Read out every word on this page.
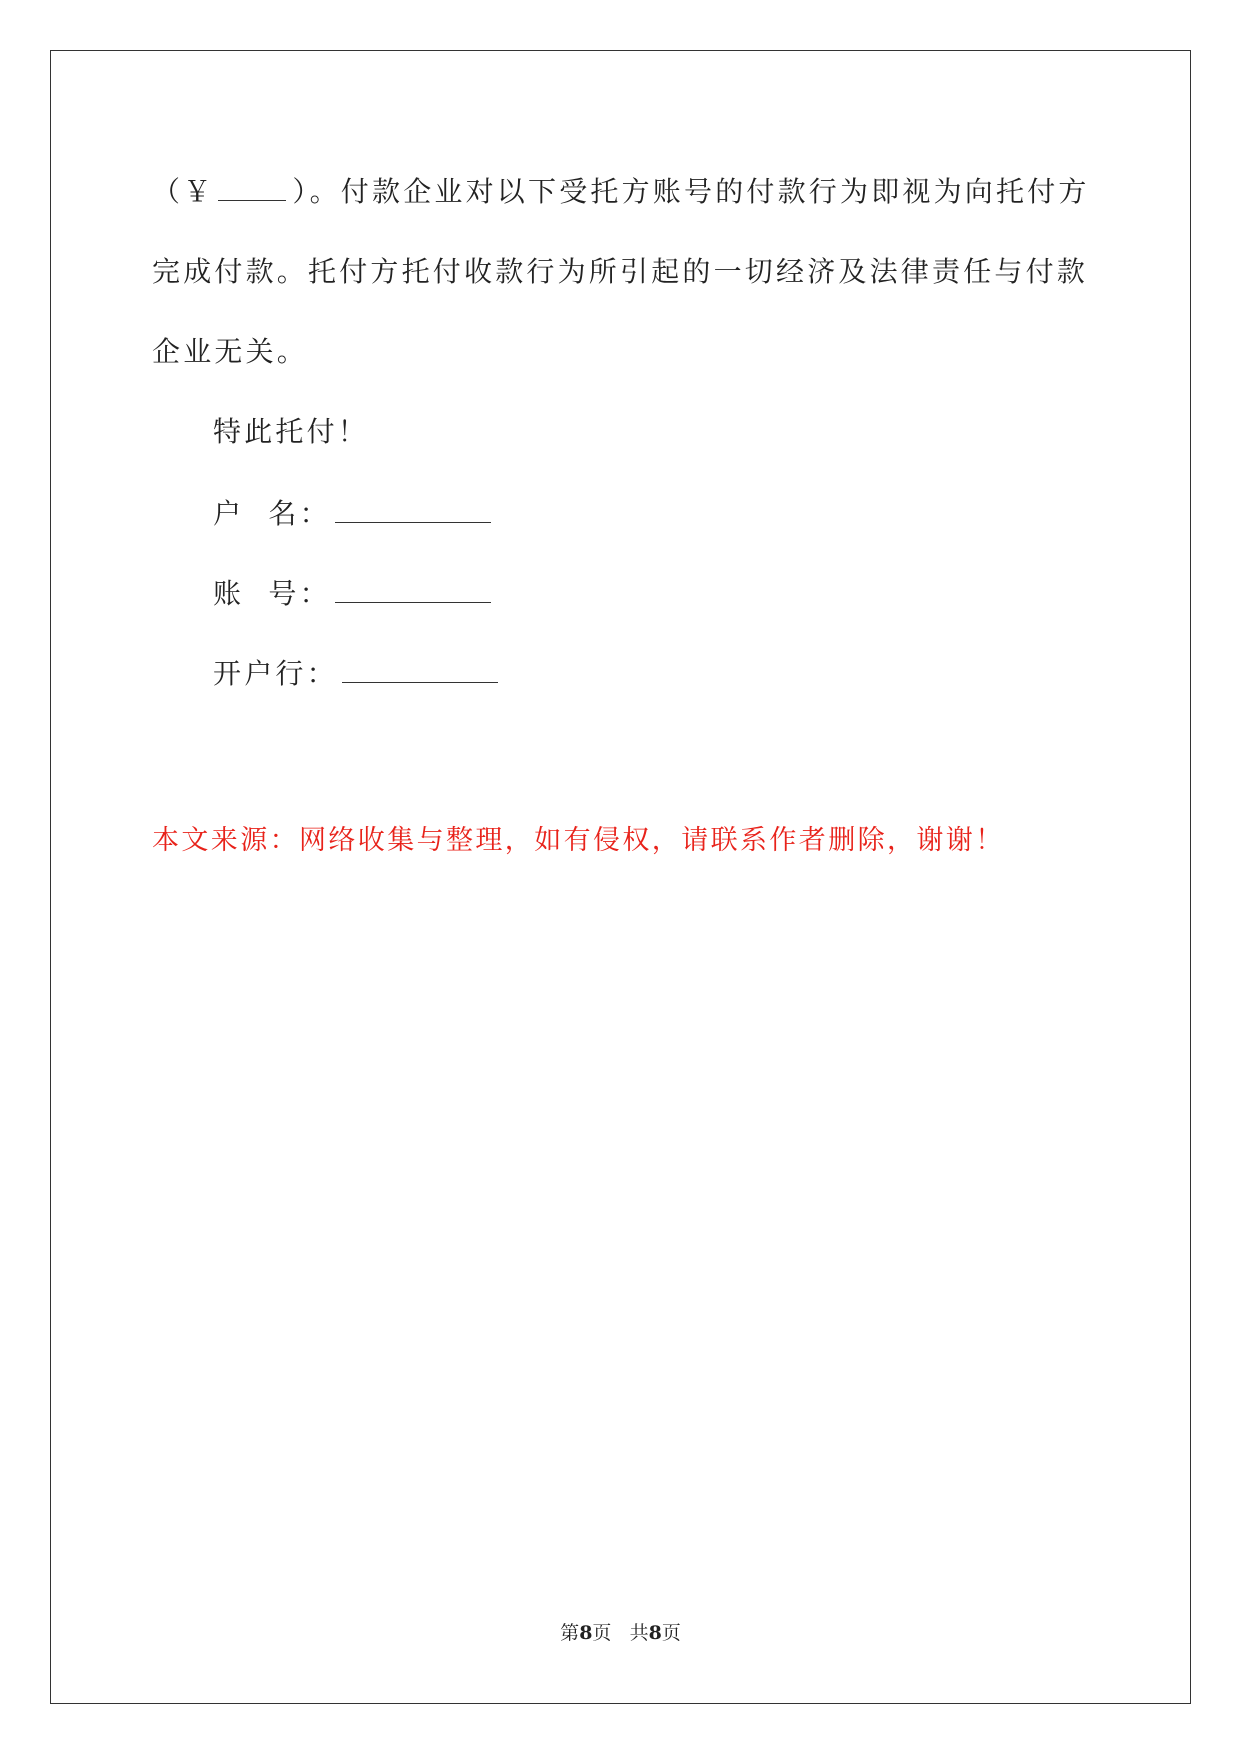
（￥	）。付款企业对以下受托方账号的付款行为即视为向托付方
完成付款。托付方托付收款行为所引起的一切经济及法律责任与付款
企业无关。
特此托付！
户  名：
账  号：
开户行：
本文来源：网络收集与整理，如有侵权，请联系作者删除，谢谢！
第8页 共8页
